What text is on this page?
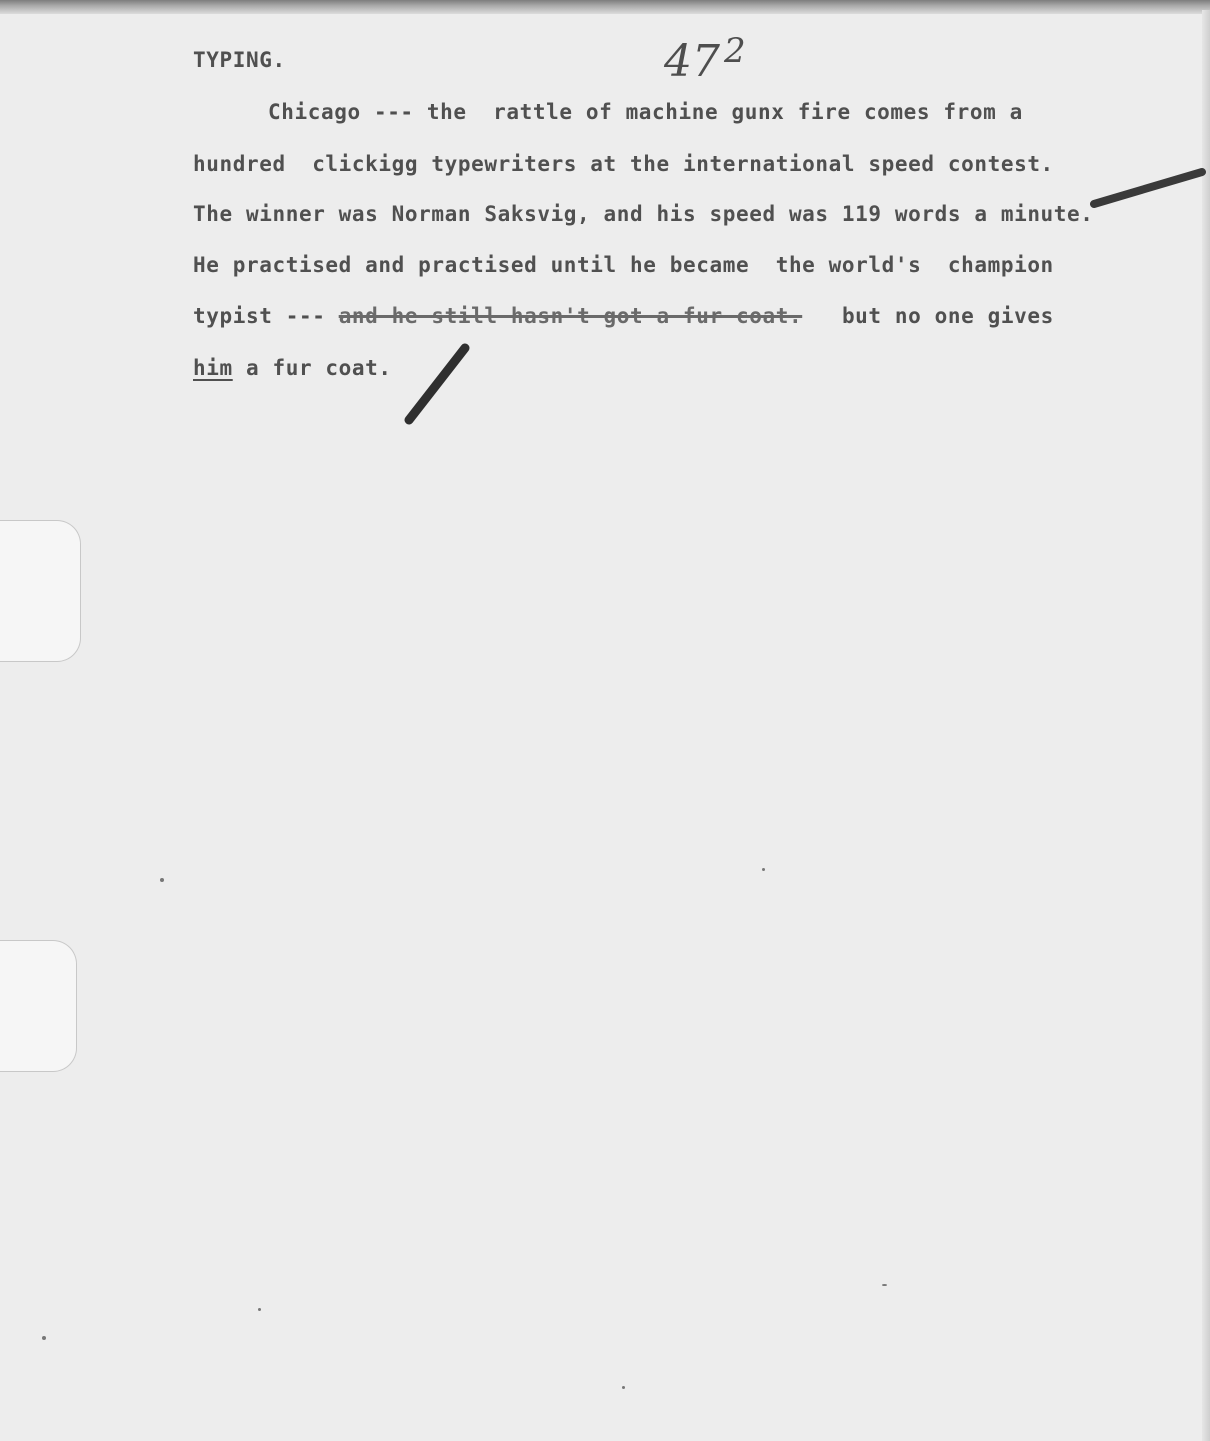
TYPING.	47 $^2$
Chicago --- the  rattle of machine gunx fire comes from a
hundred  clickigg typewriters at the international speed contest.
The winner was Norman Saksvig, and his speed was 119 words a minute.
He practised and practised until he became  the world's  champion
typist --- and he still hasn't got a fur coat. but no one gives
him a fur coat.
